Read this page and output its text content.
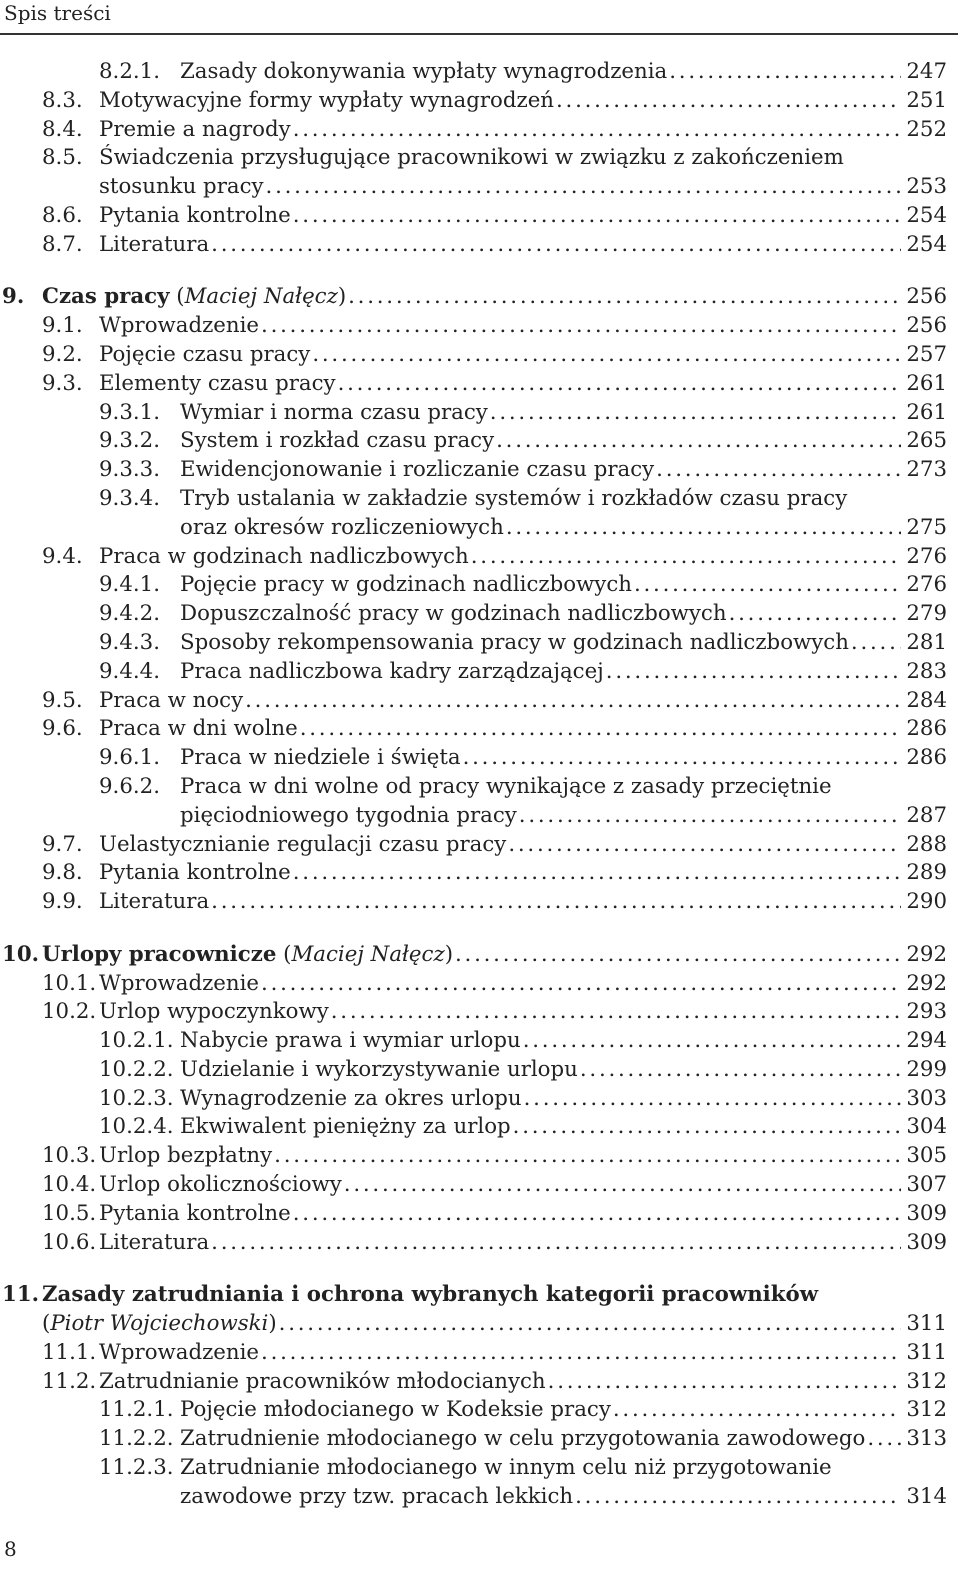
Spis treści
8.2.1. Zasady dokonywania wypłaty wynagrodzenia . . .	247
8.3. Motywacyjne formy wypłaty wynagrodzeń . . .	251
8.4. Premie a nagrody . . .	252
8.5. Świadczenia przysługujące pracownikowi w związku z zakończeniem
stosunku pracy . . .	253
8.6. Pytania kontrolne . . .	254
8.7. Literatura . . .	254
9. Czas pracy
(Maciej Nałęcz) . . .	256
9.1. Wprowadzenie . . .	256
9.2. Pojęcie czasu pracy . . .	257
9.3. Elementy czasu pracy . . .	261
9.3.1. Wymiar i norma czasu pracy . . .	261
9.3.2. System i rozkład czasu pracy . . .	265
9.3.3. Ewidencjonowanie i rozliczanie czasu pracy . . .	273
9.3.4. Tryb ustalania w zakładzie systemów i rozkładów czasu pracy
oraz okresów rozliczeniowych . . .	275
9.4. Praca w godzinach nadliczbowych . . .	276
9.4.1. Pojęcie pracy w godzinach nadliczbowych . . .	276
9.4.2. Dopuszczalność pracy w godzinach nadliczbowych . . .	279
9.4.3. Sposoby rekompensowania pracy w godzinach nadliczbowych . . .	281
9.4.4. Praca nadliczbowa kadry zarządzającej . . .	283
9.5. Praca w nocy . . .	284
9.6. Praca w dni wolne . . .	286
9.6.1. Praca w niedziele i święta . . .	286
9.6.2. Praca w dni wolne od pracy wynikające z zasady przeciętnie
pięciodniowego tygodnia pracy . . .	287
9.7. Uelastycznianie regulacji czasu pracy . . .	288
9.8. Pytania kontrolne . . .	289
9.9. Literatura . . .	290
10. Urlopy pracownicze
(Maciej Nałęcz) . . .	292
10.1. Wprowadzenie . . .	292
10.2. Urlop wypoczynkowy . . .	293
10.2.1. Nabycie prawa i wymiar urlopu . . .	294
10.2.2. Udzielanie i wykorzystywanie urlopu . . .	299
10.2.3. Wynagrodzenie za okres urlopu . . .	303
10.2.4. Ekwiwalent pieniężny za urlop . . .	304
10.3. Urlop bezpłatny . . .	305
10.4. Urlop okolicznościowy . . .	307
10.5. Pytania kontrolne . . .	309
10.6. Literatura . . .	309
11. Zasady zatrudniania i ochrona wybranych kategorii pracowników
(Piotr Wojciechowski) . . .	311
11.1. Wprowadzenie . . .	311
11.2. Zatrudnianie pracowników młodocianych . . .	312
11.2.1. Pojęcie młodocianego w Kodeksie pracy . . .	312
11.2.2. Zatrudnienie młodocianego w celu przygotowania zawodowego . . . 313
11.2.3. Zatrudnianie młodocianego w innym celu niż przygotowanie
zawodowe przy tzw. pracach lekkich . . .	314
8
